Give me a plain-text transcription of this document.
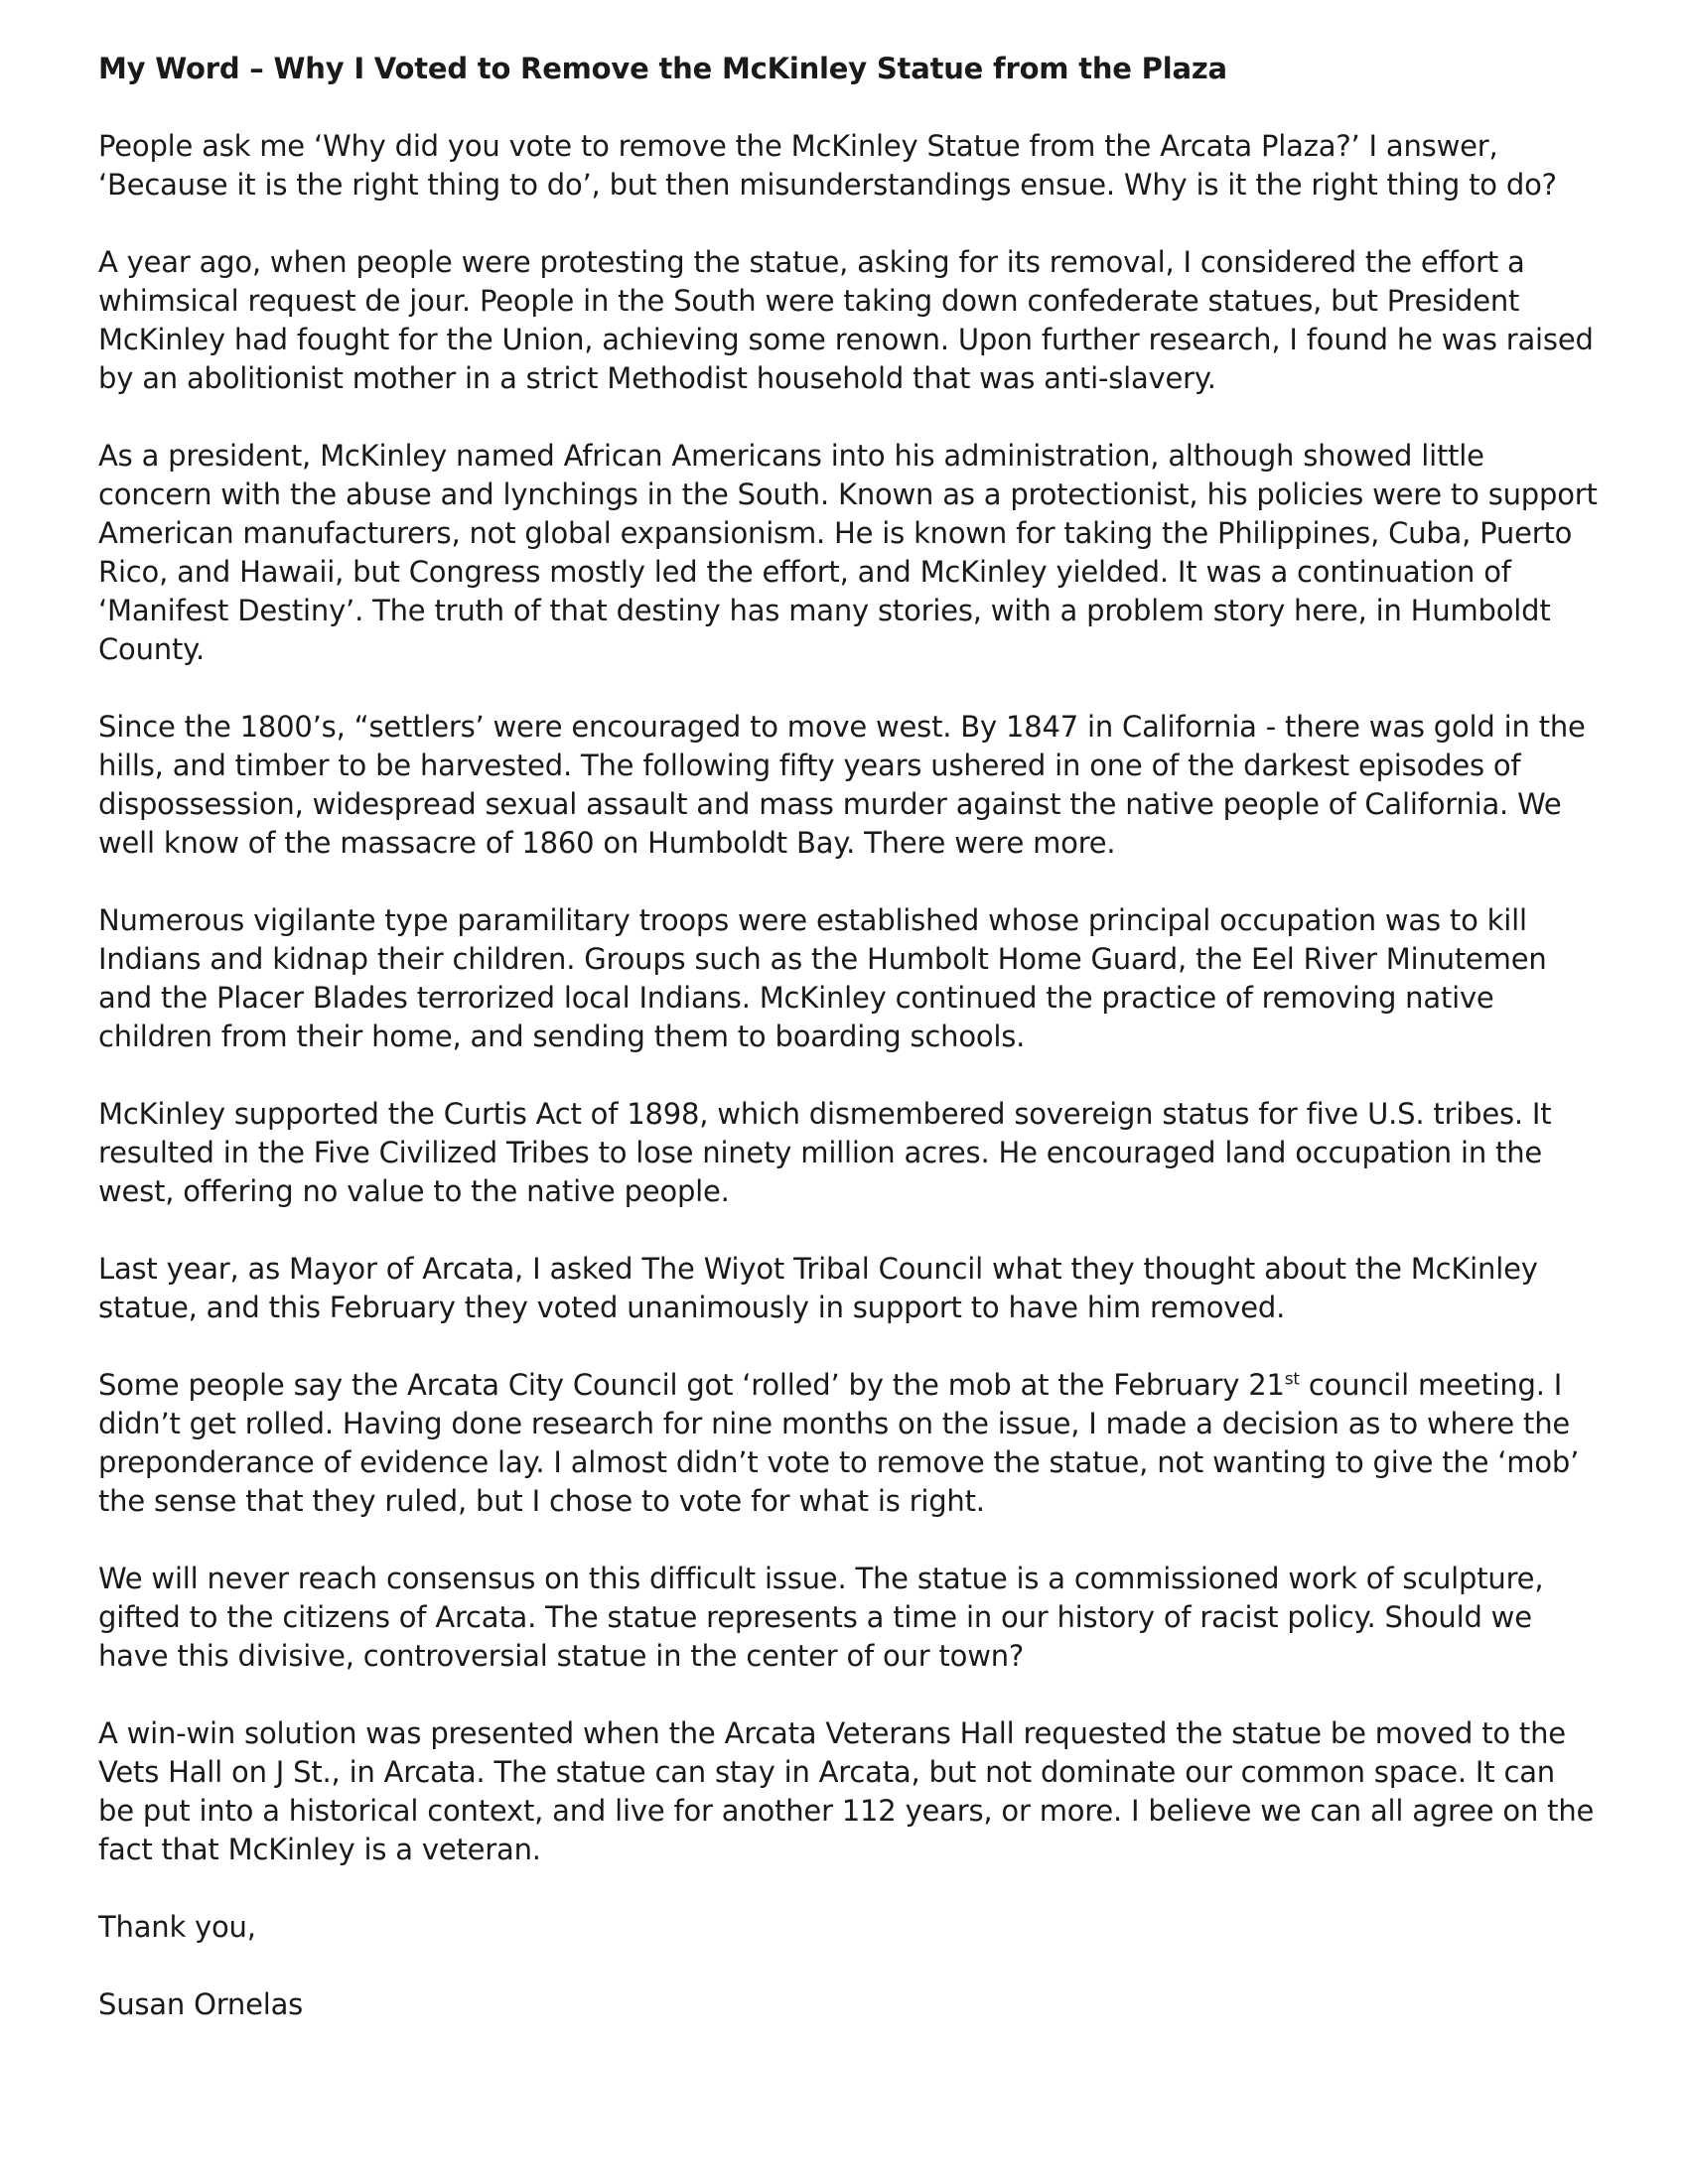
My Word – Why I Voted to Remove the McKinley Statue from the Plaza

People ask me ‘Why did you vote to remove the McKinley Statue from the Arcata Plaza?’ I answer, ‘Because it is the right thing to do’, but then misunderstandings ensue. Why is it the right thing to do?

A year ago, when people were protesting the statue, asking for its removal, I considered the effort a whimsical request de jour. People in the South were taking down confederate statues, but President McKinley had fought for the Union, achieving some renown. Upon further research, I found he was raised by an abolitionist mother in a strict Methodist household that was anti-slavery.

As a president, McKinley named African Americans into his administration, although showed little concern with the abuse and lynchings in the South. Known as a protectionist, his policies were to support American manufacturers, not global expansionism. He is known for taking the Philippines, Cuba, Puerto Rico, and Hawaii, but Congress mostly led the effort, and McKinley yielded. It was a continuation of ‘Manifest Destiny’. The truth of that destiny has many stories, with a problem story here, in Humboldt County.

Since the 1800’s, “settlers’ were encouraged to move west. By 1847 in California - there was gold in the hills, and timber to be harvested. The following fifty years ushered in one of the darkest episodes of dispossession, widespread sexual assault and mass murder against the native people of California. We well know of the massacre of 1860 on Humboldt Bay. There were more.

Numerous vigilante type paramilitary troops were established whose principal occupation was to kill Indians and kidnap their children. Groups such as the Humbolt Home Guard, the Eel River Minutemen and the Placer Blades terrorized local Indians. McKinley continued the practice of removing native children from their home, and sending them to boarding schools.

McKinley supported the Curtis Act of 1898, which dismembered sovereign status for five U.S. tribes. It resulted in the Five Civilized Tribes to lose ninety million acres. He encouraged land occupation in the west, offering no value to the native people.

Last year, as Mayor of Arcata, I asked The Wiyot Tribal Council what they thought about the McKinley statue, and this February they voted unanimously in support to have him removed.

Some people say the Arcata City Council got ‘rolled’ by the mob at the February 21st council meeting. I didn’t get rolled. Having done research for nine months on the issue, I made a decision as to where the preponderance of evidence lay. I almost didn’t vote to remove the statue, not wanting to give the ‘mob’ the sense that they ruled, but I chose to vote for what is right.

We will never reach consensus on this difficult issue. The statue is a commissioned work of sculpture, gifted to the citizens of Arcata. The statue represents a time in our history of racist policy. Should we have this divisive, controversial statue in the center of our town?

A win-win solution was presented when the Arcata Veterans Hall requested the statue be moved to the Vets Hall on J St., in Arcata. The statue can stay in Arcata, but not dominate our common space. It can be put into a historical context, and live for another 112 years, or more. I believe we can all agree on the fact that McKinley is a veteran.

Thank you,

Susan Ornelas
